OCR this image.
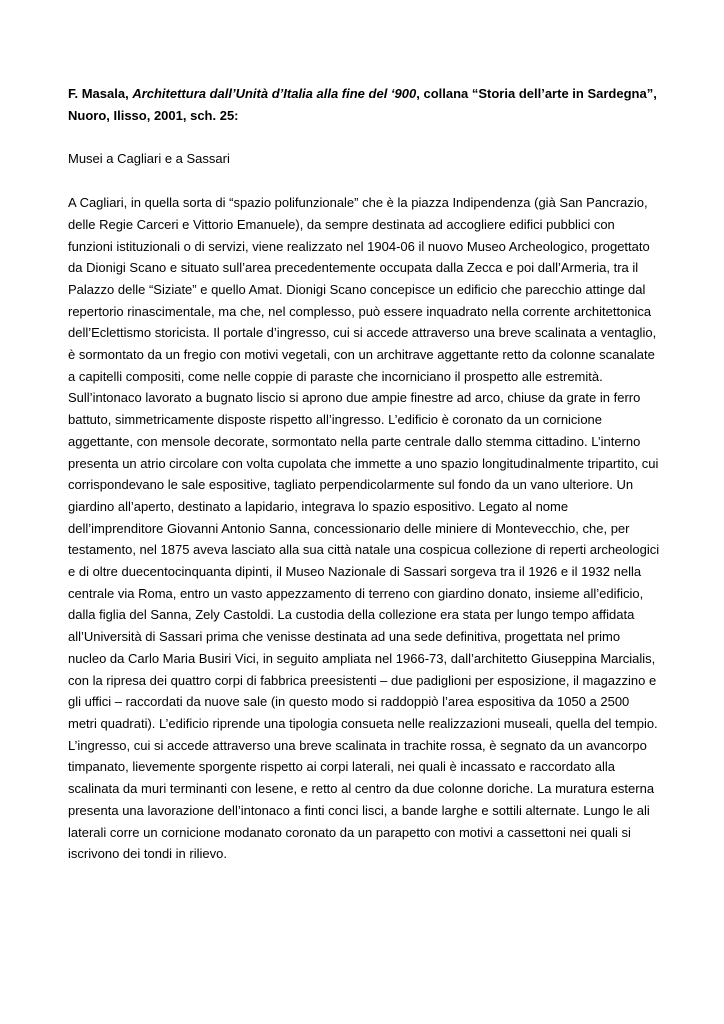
F. Masala, Architettura dall’Unità d’Italia alla fine del ‘900, collana “Storia dell’arte in Sardegna”,
Nuoro, Ilisso, 2001, sch. 25:

Musei a Cagliari e a Sassari

A Cagliari, in quella sorta di “spazio polifunzionale” che è la piazza Indipendenza (già San Pancrazio, delle Regie Carceri e Vittorio Emanuele), da sempre destinata ad accogliere edifici pubblici con funzioni istituzionali o di servizi, viene realizzato nel 1904-06 il nuovo Museo Archeologico, progettato da Dionigi Scano e situato sull’area precedentemente occupata dalla Zecca e poi dall’Armeria, tra il Palazzo delle “Siziate” e quello Amat. Dionigi Scano concepisce un edificio che parecchio attinge dal repertorio rinascimentale, ma che, nel complesso, può essere inquadrato nella corrente architettonica dell’Eclettismo storicista. Il portale d’ingresso, cui si accede attraverso una breve scalinata a ventaglio, è sormontato da un fregio con motivi vegetali, con un architrave aggettante retto da colonne scanalate a capitelli compositi, come nelle coppie di paraste che incorniciano il prospetto alle estremità. Sull’intonaco lavorato a bugnato liscio si aprono due ampie finestre ad arco, chiuse da grate in ferro battuto, simmetricamente disposte rispetto all’ingresso. L’edificio è coronato da un cornicione aggettante, con mensole decorate, sormontato nella parte centrale dallo stemma cittadino. L’interno presenta un atrio circolare con volta cupolata che immette a uno spazio longitudinalmente tripartito, cui corrispondevano le sale espositive, tagliato perpendicolarmente sul fondo da un vano ulteriore. Un giardino all’aperto, destinato a lapidario, integrava lo spazio espositivo. Legato al nome dell’imprenditore Giovanni Antonio Sanna, concessionario delle miniere di Montevecchio, che, per testamento, nel 1875 aveva lasciato alla sua città natale una cospicua collezione di reperti archeologici e di oltre duecentocinquanta dipinti, il Museo Nazionale di Sassari sorgeva tra il 1926 e il 1932 nella centrale via Roma, entro un vasto appezzamento di terreno con giardino donato, insieme all’edificio, dalla figlia del Sanna, Zely Castoldi. La custodia della collezione era stata per lungo tempo affidata all’Università di Sassari prima che venisse destinata ad una sede definitiva, progettata nel primo nucleo da Carlo Maria Busiri Vici, in seguito ampliata nel 1966-73, dall’architetto Giuseppina Marcialis, con la ripresa dei quattro corpi di fabbrica preesistenti – due padiglioni per esposizione, il magazzino e gli uffici – raccordati da nuove sale (in questo modo si raddoppiò l’area espositiva da 1050 a 2500 metri quadrati). L’edificio riprende una tipologia consueta nelle realizzazioni museali, quella del tempio. L’ingresso, cui si accede attraverso una breve scalinata in trachite rossa, è segnato da un avancorpo timpanato, lievemente sporgente rispetto ai corpi laterali, nei quali è incassato e raccordato alla scalinata da muri terminanti con lesene, e retto al centro da due colonne doriche. La muratura esterna presenta una lavorazione dell’intonaco a finti conci lisci, a bande larghe e sottili alternate. Lungo le ali laterali corre un cornicione modanato coronato da un parapetto con motivi a cassettoni nei quali si iscrivono dei tondi in rilievo.
